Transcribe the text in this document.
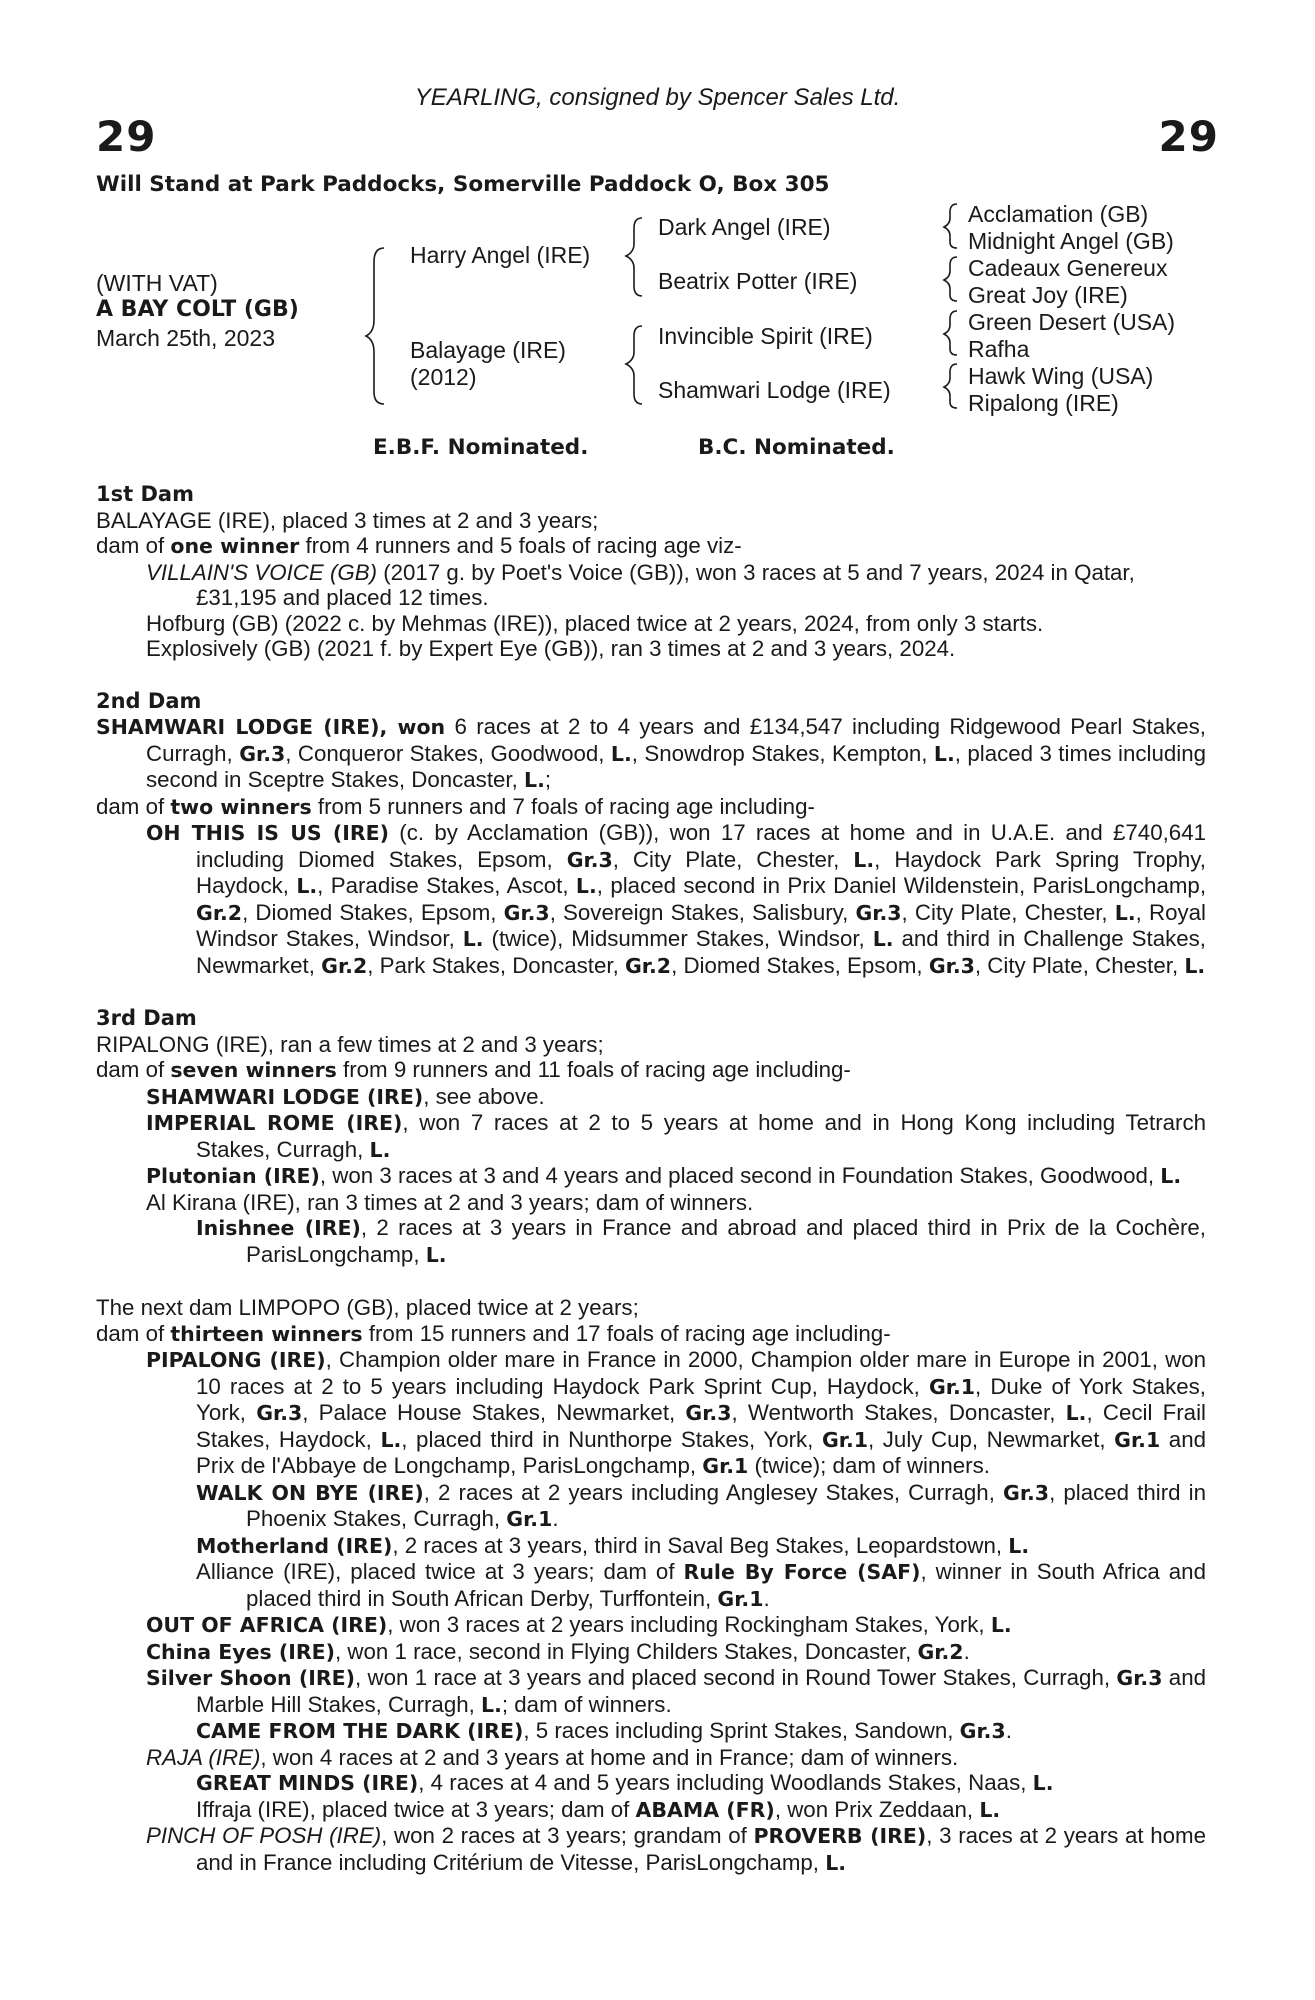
29	29
YEARLING, consigned by Spencer Sales Ltd.
Will Stand at Park Paddocks, Somerville Paddock O, Box 305
(WITH VAT)
A BAY COLT (GB)
March 25th, 2023
Harry Angel (IRE)
Balayage (IRE)
(2012)
Dark Angel (IRE)
Beatrix Potter (IRE)
Invincible Spirit (IRE)
Shamwari Lodge (IRE)
Acclamation (GB)
Midnight Angel (GB)
Cadeaux Genereux
Great Joy (IRE)
Green Desert (USA)
Rafha
Hawk Wing (USA)
Ripalong (IRE)
E.B.F. Nominated.	B.C. Nominated.

1st Dam

BALAYAGE (IRE), placed 3 times at 2 and 3 years;

dam of one winner from 4 runners and 5 foals of racing age viz-

VILLAIN'S VOICE (GB) (2017 g. by Poet's Voice (GB)), won 3 races at 5 and 7 years, 2024 in Qatar, £31,195 and placed 12 times.

Hofburg (GB) (2022 c. by Mehmas (IRE)), placed twice at 2 years, 2024, from only 3 starts.

Explosively (GB) (2021 f. by Expert Eye (GB)), ran 3 times at 2 and 3 years, 2024.

2nd Dam

SHAMWARI LODGE (IRE), won 6 races at 2 to 4 years and £134,547 including Ridgewood Pearl Stakes, Curragh, Gr.3, Conqueror Stakes, Goodwood, L., Snowdrop Stakes, Kempton, L., placed 3 times including second in Sceptre Stakes, Doncaster, L.;

dam of two winners from 5 runners and 7 foals of racing age including-

OH THIS IS US (IRE) (c. by Acclamation (GB)), won 17 races at home and in U.A.E. and £740,641 including Diomed Stakes, Epsom, Gr.3, City Plate, Chester, L., Haydock Park Spring Trophy, Haydock, L., Paradise Stakes, Ascot, L., placed second in Prix Daniel Wildenstein, ParisLongchamp, Gr.2, Diomed Stakes, Epsom, Gr.3, Sovereign Stakes, Salisbury, Gr.3, City Plate, Chester, L., Royal Windsor Stakes, Windsor, L. (twice), Midsummer Stakes, Windsor, L. and third in Challenge Stakes, Newmarket, Gr.2, Park Stakes, Doncaster, Gr.2, Diomed Stakes, Epsom, Gr.3, City Plate, Chester, L.

3rd Dam

RIPALONG (IRE), ran a few times at 2 and 3 years;

dam of seven winners from 9 runners and 11 foals of racing age including-

SHAMWARI LODGE (IRE), see above.

IMPERIAL ROME (IRE), won 7 races at 2 to 5 years at home and in Hong Kong including Tetrarch Stakes, Curragh, L.

Plutonian (IRE), won 3 races at 3 and 4 years and placed second in Foundation Stakes, Goodwood, L.

Al Kirana (IRE), ran 3 times at 2 and 3 years; dam of winners.

Inishnee (IRE), 2 races at 3 years in France and abroad and placed third in Prix de la Cochère, ParisLongchamp, L.

The next dam LIMPOPO (GB), placed twice at 2 years;

dam of thirteen winners from 15 runners and 17 foals of racing age including-

PIPALONG (IRE), Champion older mare in France in 2000, Champion older mare in Europe in 2001, won 10 races at 2 to 5 years including Haydock Park Sprint Cup, Haydock, Gr.1, Duke of York Stakes, York, Gr.3, Palace House Stakes, Newmarket, Gr.3, Wentworth Stakes, Doncaster, L., Cecil Frail Stakes, Haydock, L., placed third in Nunthorpe Stakes, York, Gr.1, July Cup, Newmarket, Gr.1 and Prix de l'Abbaye de Longchamp, ParisLongchamp, Gr.1 (twice); dam of winners.

WALK ON BYE (IRE), 2 races at 2 years including Anglesey Stakes, Curragh, Gr.3, placed third in Phoenix Stakes, Curragh, Gr.1.

Motherland (IRE), 2 races at 3 years, third in Saval Beg Stakes, Leopardstown, L.

Alliance (IRE), placed twice at 3 years; dam of Rule By Force (SAF), winner in South Africa and placed third in South African Derby, Turffontein, Gr.1.

OUT OF AFRICA (IRE), won 3 races at 2 years including Rockingham Stakes, York, L.

China Eyes (IRE), won 1 race, second in Flying Childers Stakes, Doncaster, Gr.2.

Silver Shoon (IRE), won 1 race at 3 years and placed second in Round Tower Stakes, Curragh, Gr.3 and Marble Hill Stakes, Curragh, L.; dam of winners.

CAME FROM THE DARK (IRE), 5 races including Sprint Stakes, Sandown, Gr.3.

RAJA (IRE), won 4 races at 2 and 3 years at home and in France; dam of winners.

GREAT MINDS (IRE), 4 races at 4 and 5 years including Woodlands Stakes, Naas, L.

Iffraja (IRE), placed twice at 3 years; dam of ABAMA (FR), won Prix Zeddaan, L.

PINCH OF POSH (IRE), won 2 races at 3 years; grandam of PROVERB (IRE), 3 races at 2 years at home and in France including Critérium de Vitesse, ParisLongchamp, L.
